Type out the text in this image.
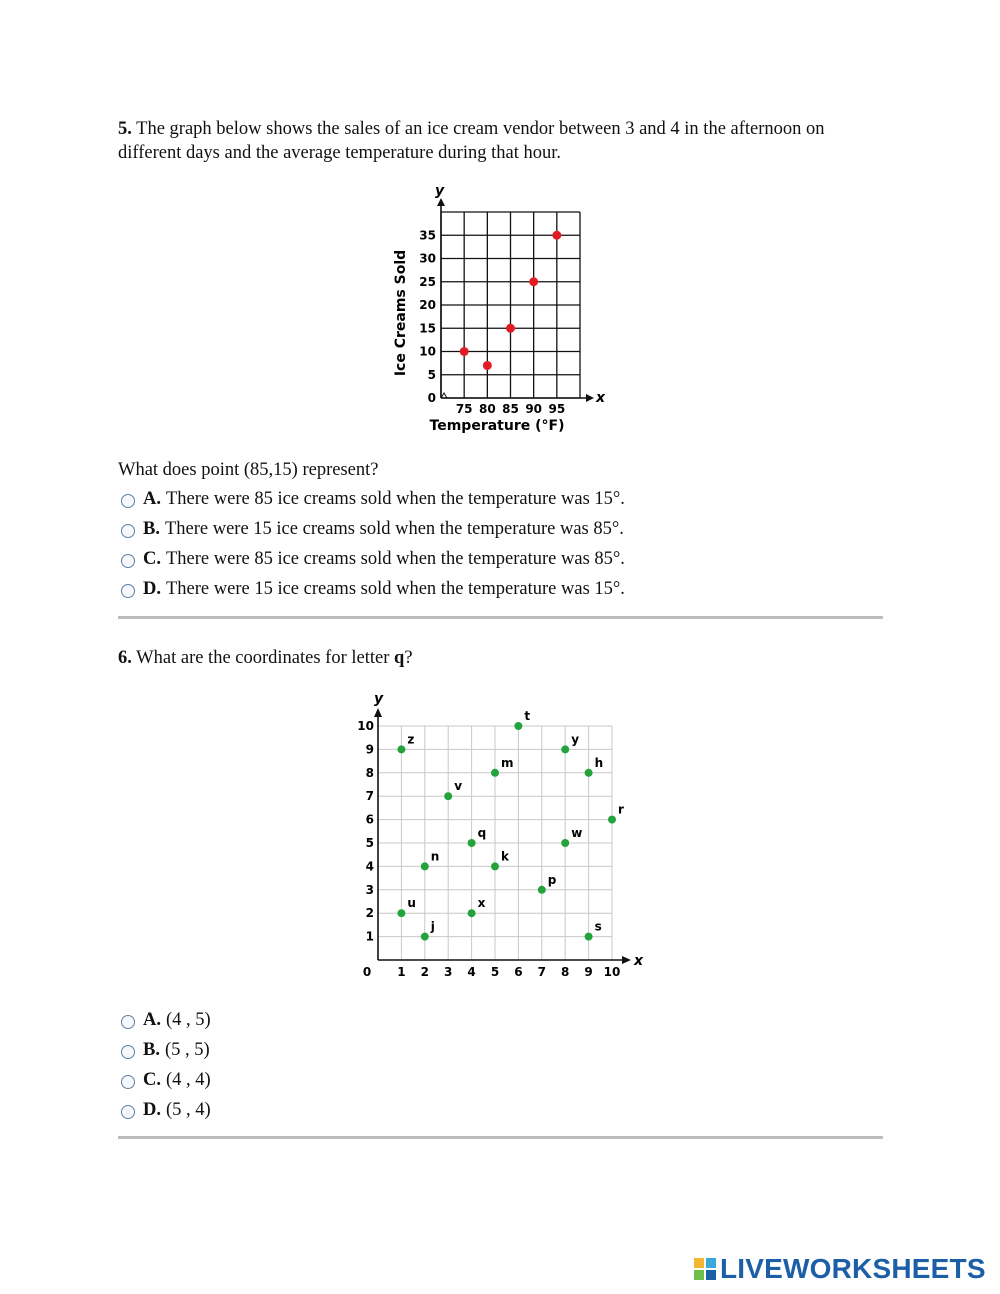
5. The graph below shows the sales of an ice cream vendor between 3 and 4 in the afternoon on different days and the average temperature during that hour.

y
x
0
5
10
15
20
25
30
35
75 80 85 90 95
Temperature (°F)
Ice Creams Sold

What does point (85,15) represent?

A. There were 85 ice creams sold when the temperature was 15°.
B. There were 15 ice creams sold when the temperature was 85°.
C. There were 85 ice creams sold when the temperature was 85°.
D. There were 15 ice creams sold when the temperature was 15°.

6. What are the coordinates for letter q?

y
x
0 1 2 3 4 5 6 7 8 9 10
1
2
3
4
5
6
7
8
9
10
z
u
n
j
v
q
x
m
k
t
p
y
w
h
s
r
A. (4 , 5)
B. (5 , 5)
C. (4 , 4)
D. (5 , 4)
LIVEWORKSHEETS
